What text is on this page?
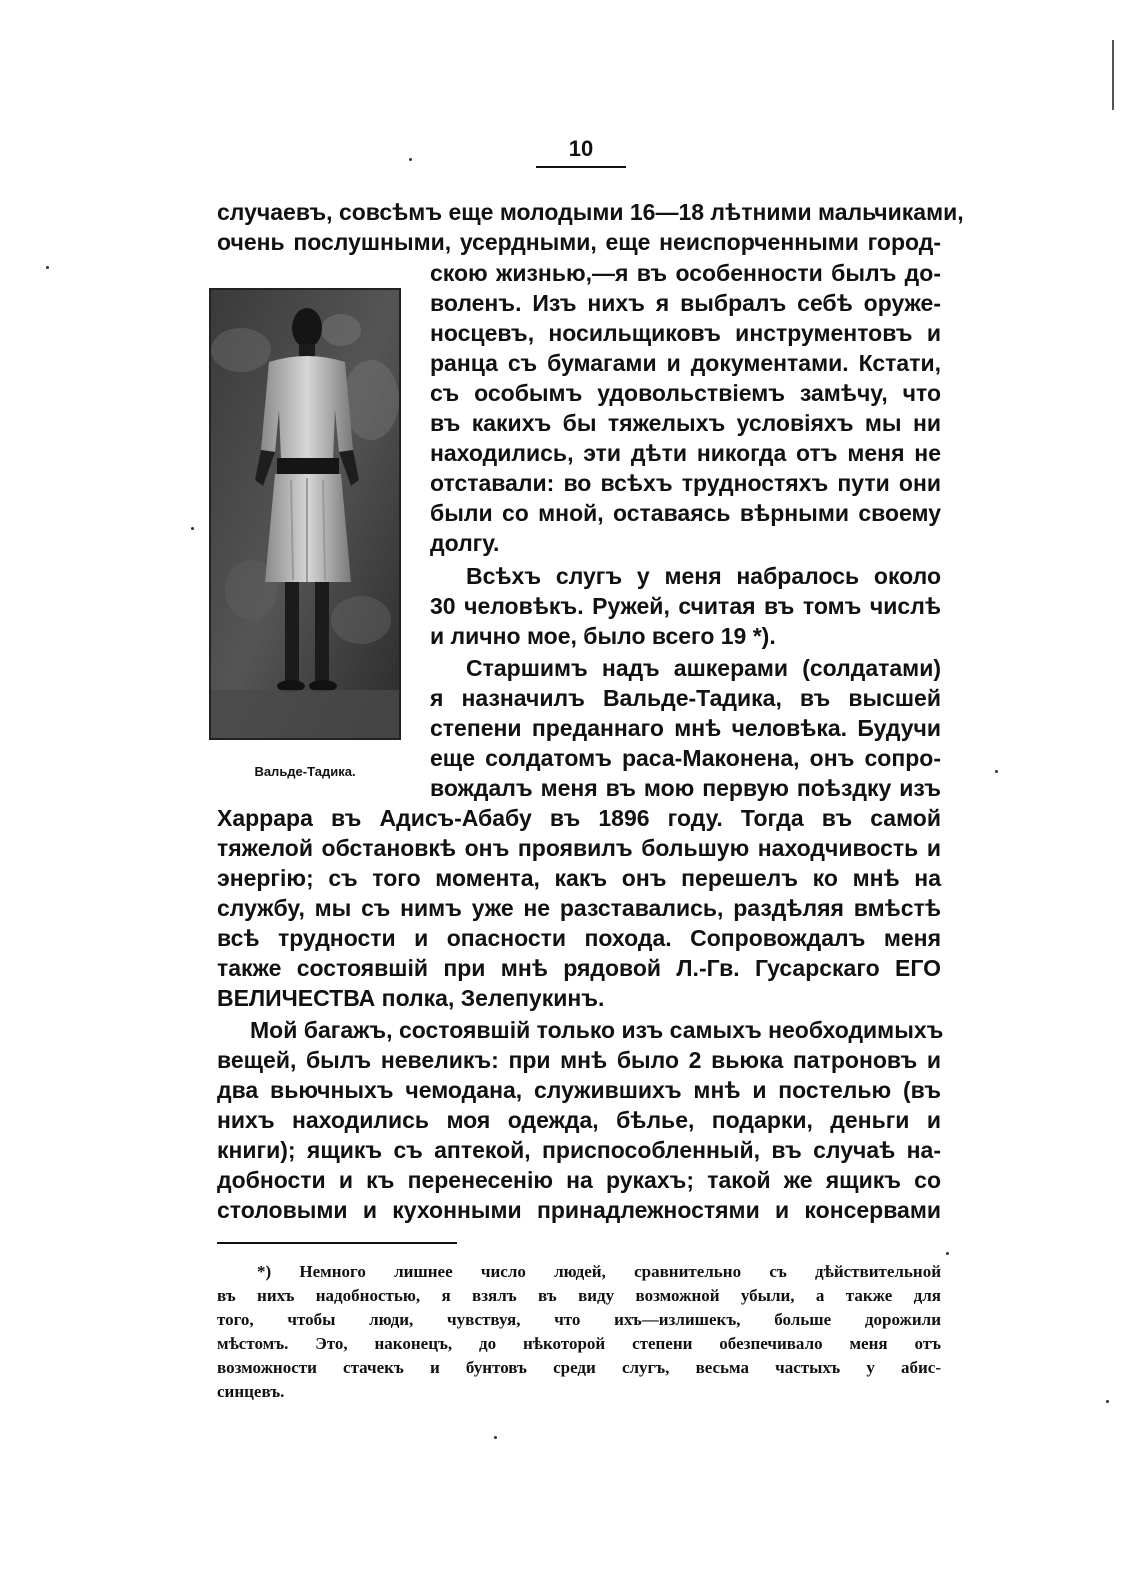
10
случаевъ, совсѣмъ еще молодыми 16—18 лѣтними мальчиками,
очень послушными, усердными, еще неиспорченными город-
скою жизнью,—я въ особенности былъ до-
воленъ. Изъ нихъ я выбралъ себѣ оруже-
носцевъ, носильщиковъ инструментовъ и
ранца съ бумагами и документами. Кстати,
съ особымъ удовольствіемъ замѣчу, что
въ какихъ бы тяжелыхъ условіяхъ мы ни
находились, эти дѣти никогда отъ меня не
отставали: во всѣхъ трудностяхъ пути они
были со мной, оставаясь вѣрными своему
долгу.
Всѣхъ слугъ у меня набралось около
30 человѣкъ. Ружей, считая въ томъ числѣ
и лично мое, было всего 19 *).
Старшимъ надъ ашкерами (солдатами)
я назначилъ Вальде-Тадика, въ высшей
степени преданнаго мнѣ человѣка. Будучи
еще солдатомъ раса-Маконена, онъ сопро-
вождалъ меня въ мою первую поѣздку изъ
Харрара въ Адисъ-Абабу въ 1896 году. Тогда въ самой
тяжелой обстановкѣ онъ проявилъ большую находчивость и
энергію; съ того момента, какъ онъ перешелъ ко мнѣ на
службу, мы съ нимъ уже не разставались, раздѣляя вмѣстѣ
всѣ трудности и опасности похода. Сопровождалъ меня
также состоявшій при мнѣ рядовой Л.-Гв. Гусарскаго ЕГО
ВЕЛИЧЕСТВА полка, Зелепукинъ.
Мой багажъ, состоявшій только изъ самыхъ необходимыхъ
вещей, былъ невеликъ: при мнѣ было 2 вьюка патроновъ и
два вьючныхъ чемодана, служившихъ мнѣ и постелью (въ
нихъ находились моя одежда, бѣлье, подарки, деньги и
книги); ящикъ съ аптекой, приспособленный, въ случаѣ на-
добности и къ перенесенію на рукахъ; такой же ящикъ со
столовыми и кухонными принадлежностями и консервами
Вальде-Тадика.
*) Немного лишнее число людей, сравнительно съ дѣйствительной
въ нихъ надобностью, я взялъ въ виду возможной убыли, а также для
того, чтобы люди, чувствуя, что ихъ—излишекъ, больше дорожили
мѣстомъ. Это, наконецъ, до нѣкоторой степени обезпечивало меня отъ
возможности стачекъ и бунтовъ среди слугъ, весьма частыхъ у абис-
синцевъ.
